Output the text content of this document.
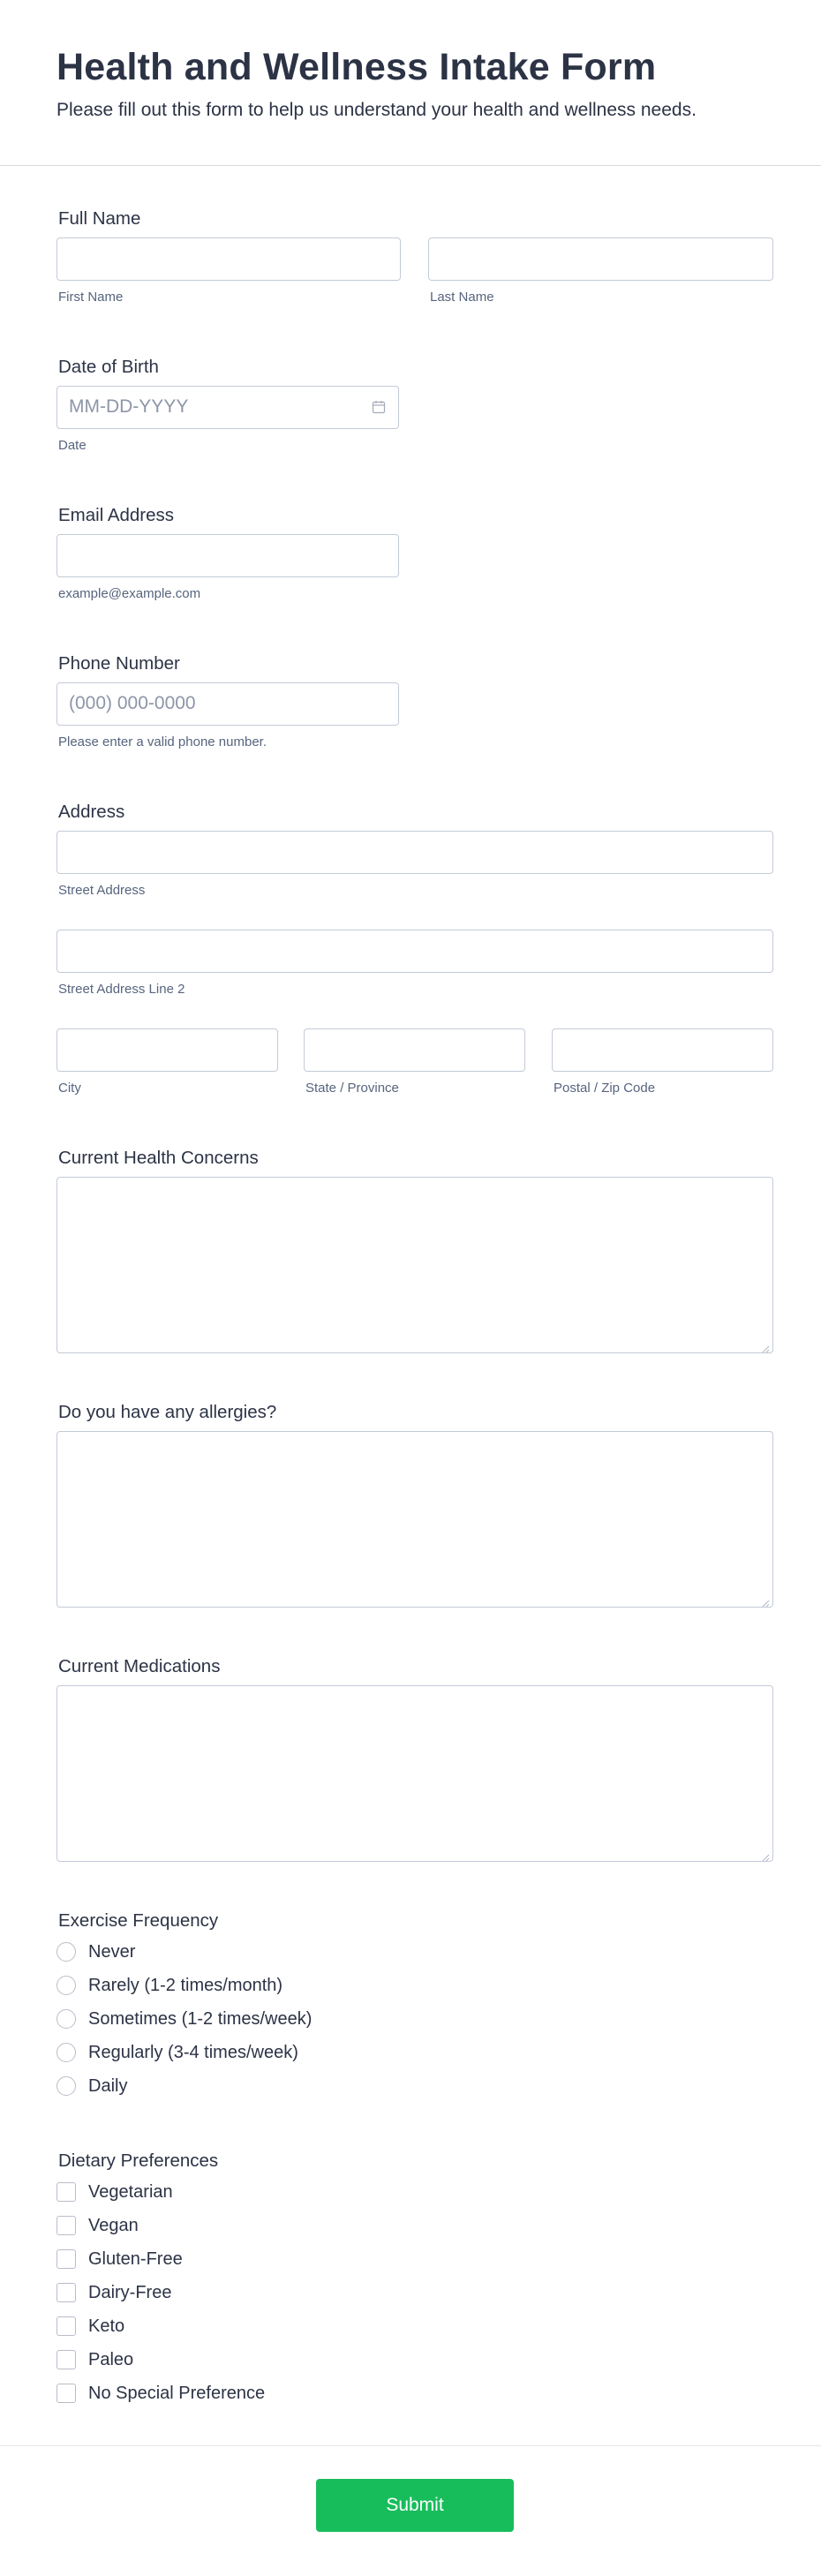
Health and Wellness Intake Form
Please fill out this form to help us understand your health and wellness needs.
Full Name
First Name	Last Name
Date of Birth
MM-DD-YYYY
Date
Email Address
example@example.com
Phone Number
(000) 000-0000
Please enter a valid phone number.
Address
Street Address
Street Address Line 2
City	State / Province	Postal / Zip Code
Current Health Concerns
Do you have any allergies?
Current Medications
Exercise Frequency
Never
Rarely (1-2 times/month)
Sometimes (1-2 times/week)
Regularly (3-4 times/week)
Daily
Dietary Preferences
Vegetarian
Vegan
Gluten-Free
Dairy-Free
Keto
Paleo
No Special Preference
Submit
